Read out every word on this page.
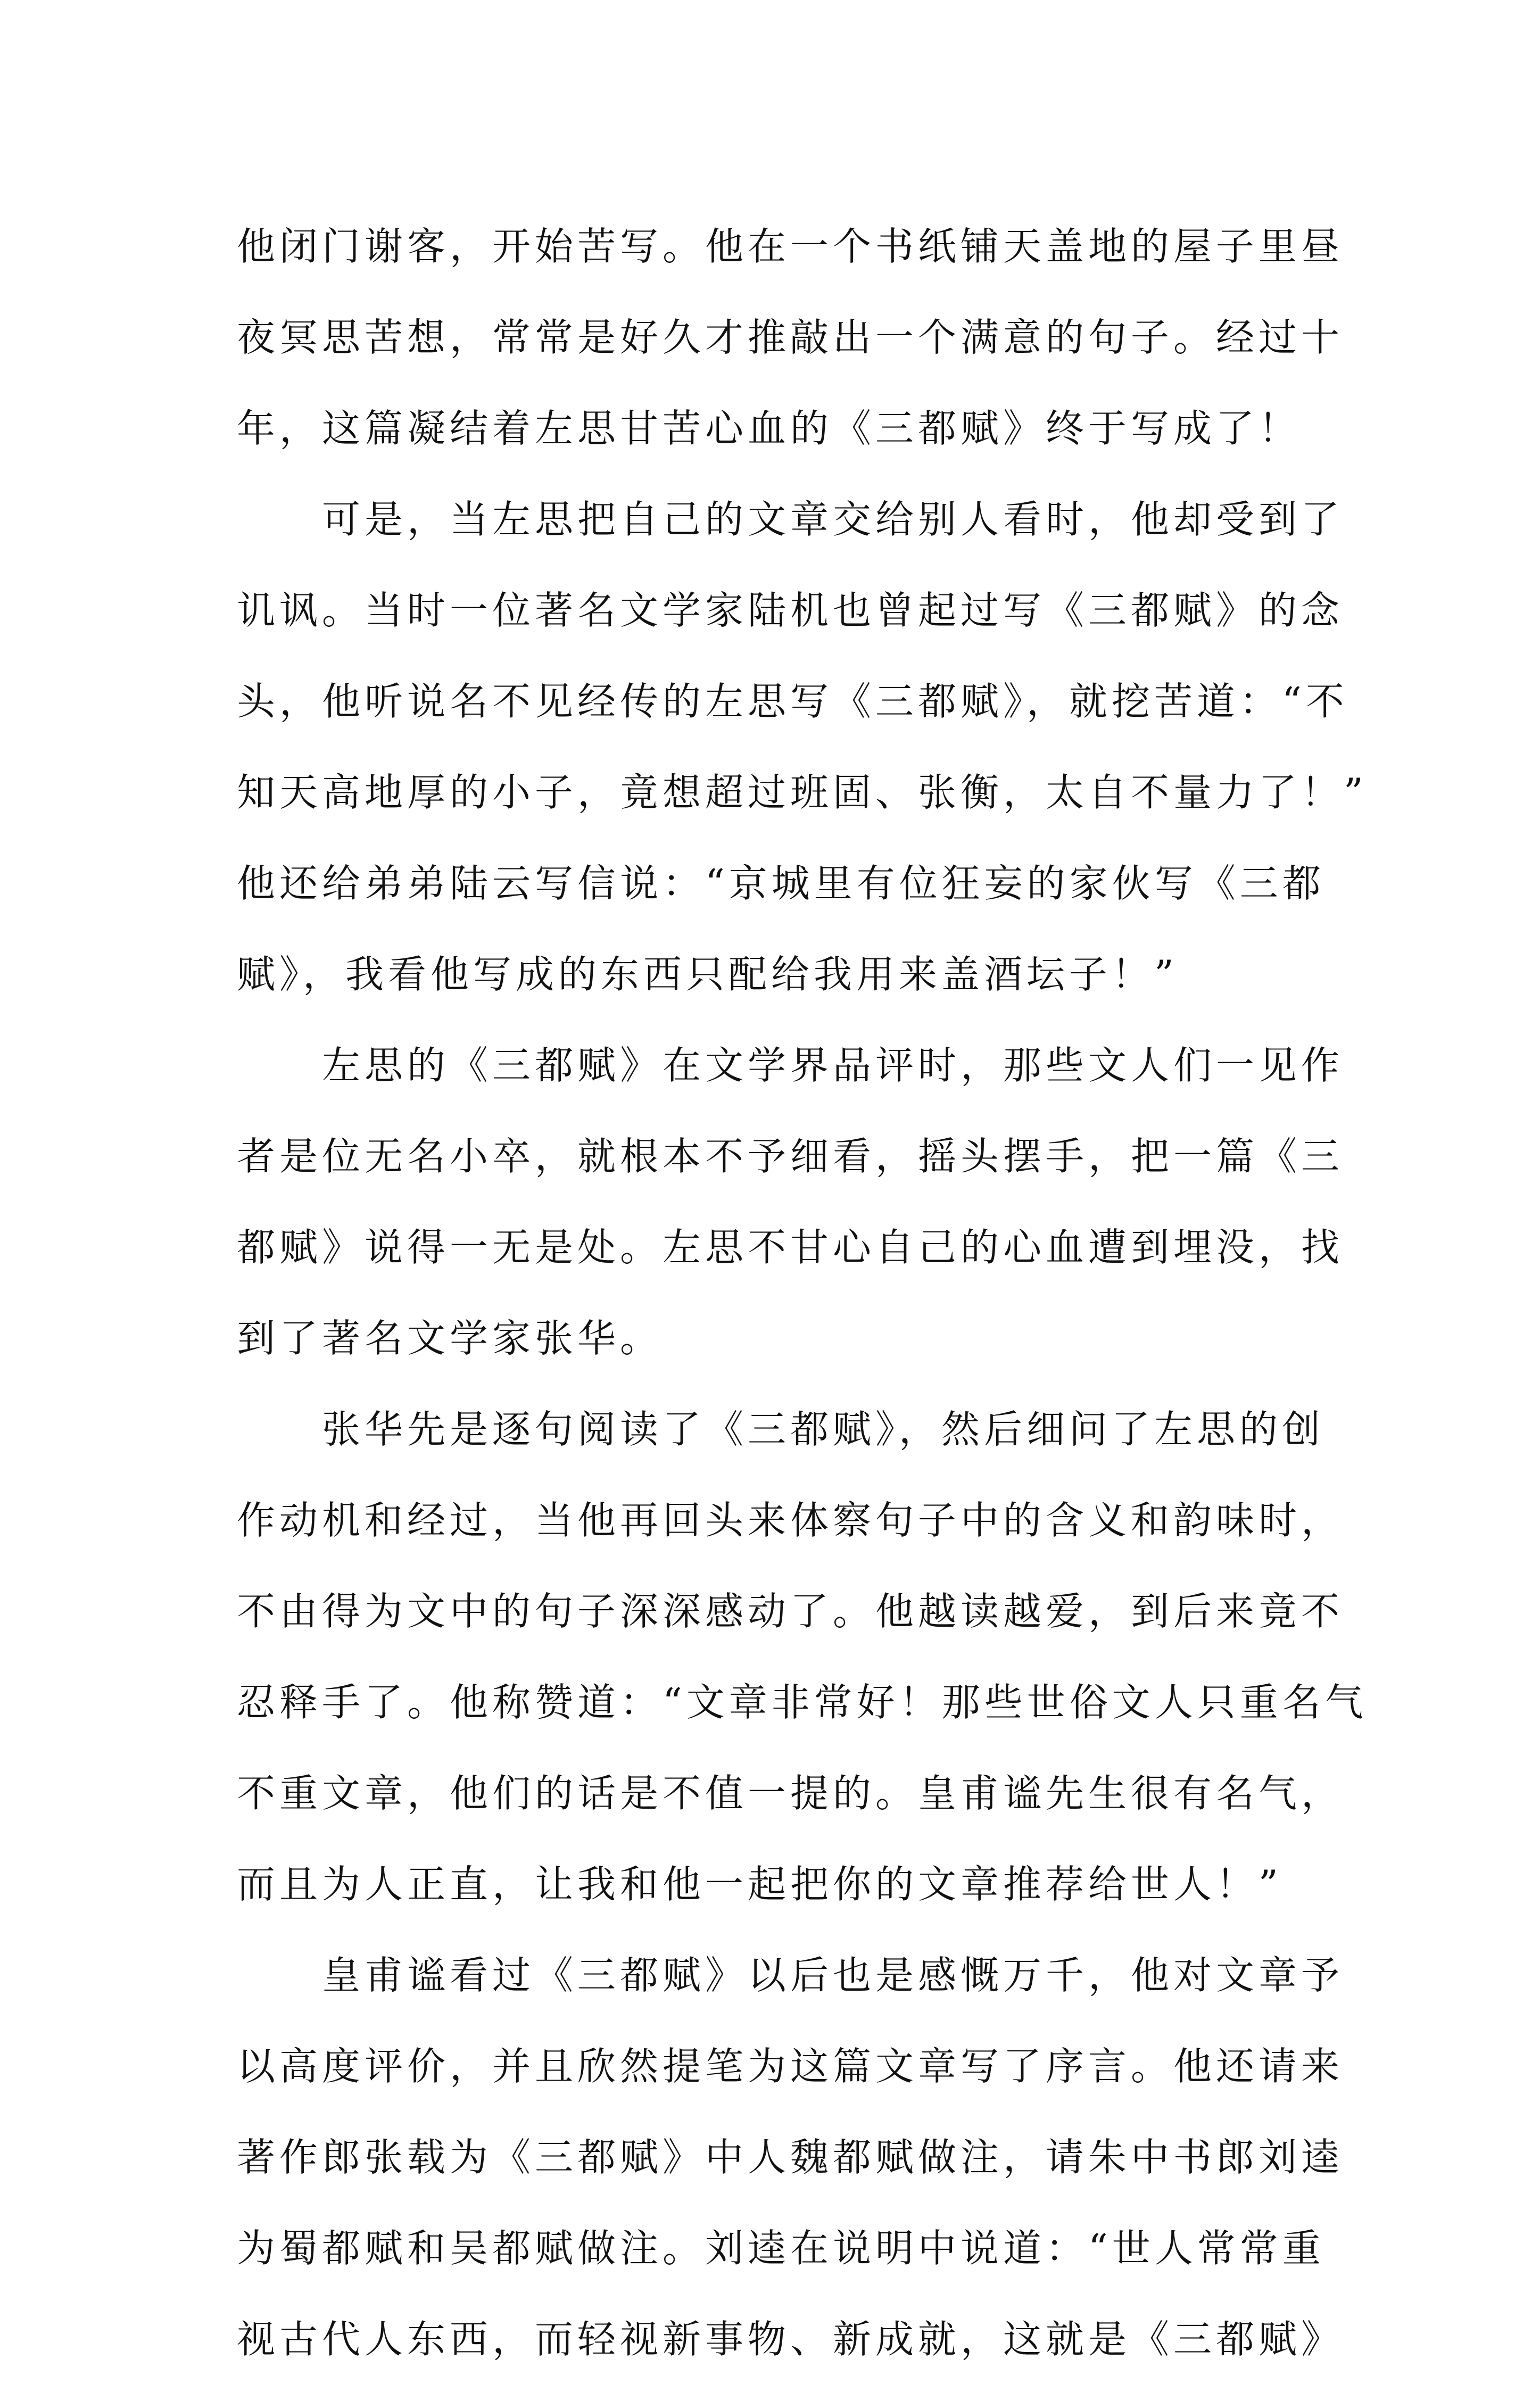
他闭门谢客，开始苦写。他在一个书纸铺天盖地的屋子里昼
夜冥思苦想，常常是好久才推敲出一个满意的句子。经过十
年，这篇凝结着左思甘苦心血的《三都赋》终于写成了！
　　可是，当左思把自己的文章交给别人看时，他却受到了
讥讽。当时一位著名文学家陆机也曾起过写《三都赋》的念
头，他听说名不见经传的左思写《三都赋》，就挖苦道：“不
知天高地厚的小子，竟想超过班固、张衡，太自不量力了！”
他还给弟弟陆云写信说：“京城里有位狂妄的家伙写《三都
赋》，我看他写成的东西只配给我用来盖酒坛子！”
　　左思的《三都赋》在文学界品评时，那些文人们一见作
者是位无名小卒，就根本不予细看，摇头摆手，把一篇《三
都赋》说得一无是处。左思不甘心自己的心血遭到埋没，找
到了著名文学家张华。
　　张华先是逐句阅读了《三都赋》，然后细问了左思的创
作动机和经过，当他再回头来体察句子中的含义和韵味时，
不由得为文中的句子深深感动了。他越读越爱，到后来竟不
忍释手了。他称赞道：“文章非常好！那些世俗文人只重名气
不重文章，他们的话是不值一提的。皇甫谧先生很有名气，
而且为人正直，让我和他一起把你的文章推荐给世人！”
　　皇甫谧看过《三都赋》以后也是感慨万千，他对文章予
以高度评价，并且欣然提笔为这篇文章写了序言。他还请来
著作郎张载为《三都赋》中人魏都赋做注，请朱中书郎刘逵
为蜀都赋和吴都赋做注。刘逵在说明中说道：“世人常常重
视古代人东西，而轻视新事物、新成就，这就是《三都赋》
